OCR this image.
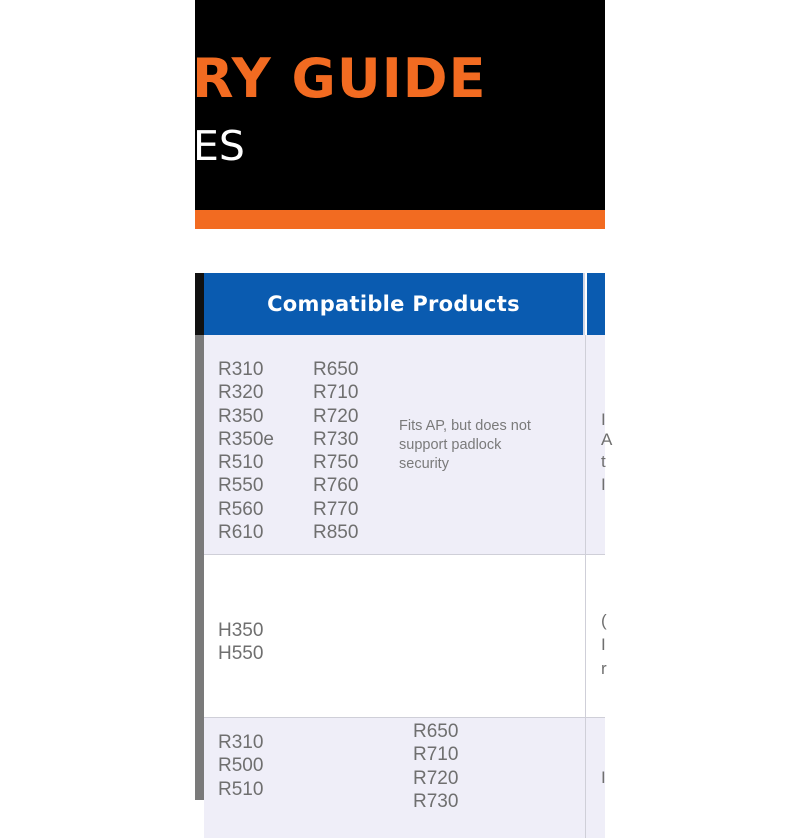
RY GUIDE
ES
Compatible Products
R310
R320
R350
R350e
R510
R550
R560
R610
R650
R710
R720
R730
R750
R760
R770
R850
Fits AP, but does not support padlock security
I
A
t
I
H350
H550
(
I
r
R310
R500
R510
R650
R710
R720
R730
I
